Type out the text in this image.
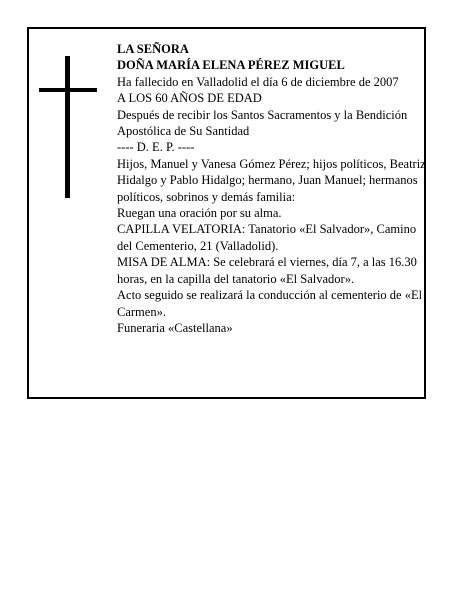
LA SEÑORA
DOÑA MARÍA ELENA PÉREZ MIGUEL
Ha fallecido en Valladolid el día 6 de diciembre de 2007
A LOS 60 AÑOS DE EDAD
Después de recibir los Santos Sacramentos y la Bendición Apostólica de Su Santidad
---- D. E. P. ----
Hijos, Manuel y Vanesa Gómez Pérez; hijos políticos, Beatriz Hidalgo y Pablo Hidalgo; hermano, Juan Manuel; hermanos políticos, sobrinos y demás familia:
Ruegan una oración por su alma.
CAPILLA VELATORIA: Tanatorio «El Salvador», Camino del Cementerio, 21 (Valladolid).
MISA DE ALMA: Se celebrará el viernes, día 7, a las 16.30 horas, en la capilla del tanatorio «El Salvador».
Acto seguido se realizará la conducción al cementerio de «El Carmen».
Funeraria «Castellana»
